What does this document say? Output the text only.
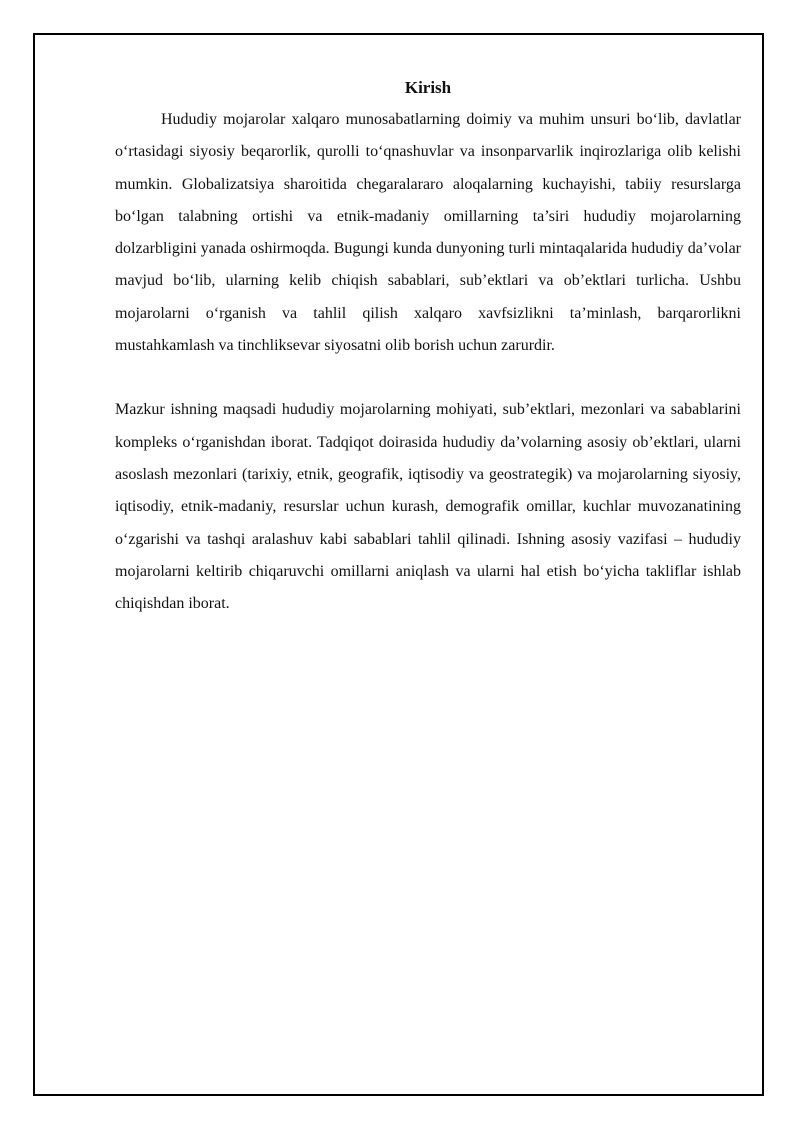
Kirish

Hududiy mojarolar xalqaro munosabatlarning doimiy va muhim unsuri bo‘lib, davlatlar o‘rtasidagi siyosiy beqarorlik, qurolli to‘qnashuvlar va insonparvarlik inqirozlariga olib kelishi mumkin. Globalizatsiya sharoitida chegaralararo aloqalarning kuchayishi, tabiiy resurslarga bo‘lgan talabning ortishi va etnik-madaniy omillarning ta’siri hududiy mojarolarning dolzarbligini yanada oshirmoqda. Bugungi kunda dunyoning turli mintaqalarida hududiy da’volar mavjud bo‘lib, ularning kelib chiqish sabablari, sub’ektlari va ob’ektlari turlicha. Ushbu mojarolarni o‘rganish va tahlil qilish xalqaro xavfsizlikni ta’minlash, barqarorlikni mustahkamlash va tinchliksevar siyosatni olib borish uchun zarurdir.

Mazkur ishning maqsadi hududiy mojarolarning mohiyati, sub’ektlari, mezonlari va sabablarini kompleks o‘rganishdan iborat. Tadqiqot doirasida hududiy da’volarning asosiy ob’ektlari, ularni asoslash mezonlari (tarixiy, etnik, geografik, iqtisodiy va geostrategik) va mojarolarning siyosiy, iqtisodiy, etnik-madaniy, resurslar uchun kurash, demografik omillar, kuchlar muvozanatining o‘zgarishi va tashqi aralashuv kabi sabablari tahlil qilinadi. Ishning asosiy vazifasi – hududiy mojarolarni keltirib chiqaruvchi omillarni aniqlash va ularni hal etish bo‘yicha takliflar ishlab chiqishdan iborat.
